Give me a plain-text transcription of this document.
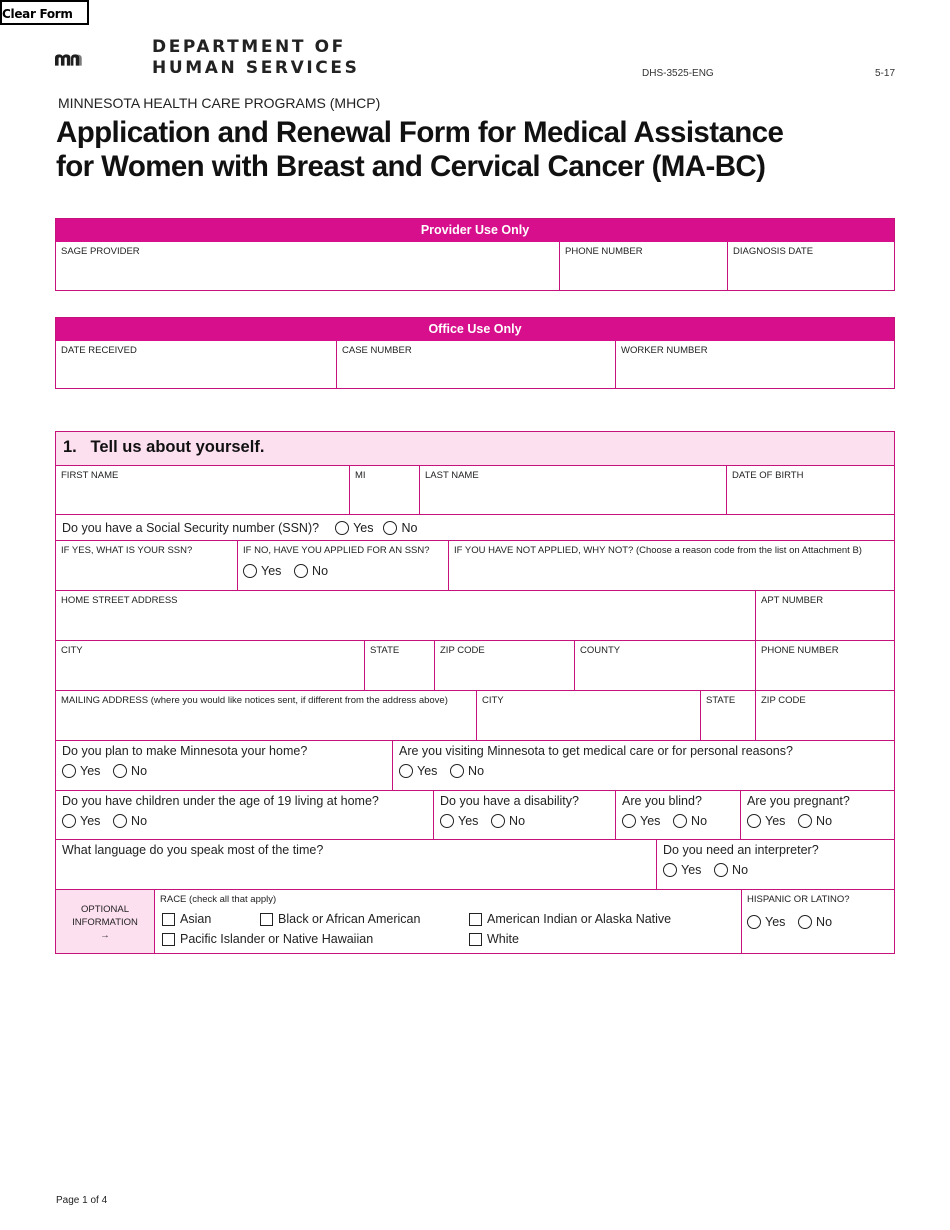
Clear Form
DEPARTMENT OF
HUMAN SERVICES	DHS-3525-ENG	5-17
MINNESOTA HEALTH CARE PROGRAMS (MHCP)
Application and Renewal Form for Medical Assistance
for Women with Breast and Cervical Cancer (MA-BC)
Provider Use Only
SAGE PROVIDER	PHONE NUMBER	DIAGNOSIS DATE
Office Use Only
DATE RECEIVED	CASE NUMBER	WORKER NUMBER
1.   Tell us about yourself.
FIRST NAME	MI	LAST NAME	DATE OF BIRTH
Do you have a Social Security number (SSN)?	Yes No
IF YES, WHAT IS YOUR SSN?	IF NO, HAVE YOU APPLIED FOR AN SSN?
Yes
No
IF YOU HAVE NOT APPLIED, WHY NOT? (Choose a reason code from the list on Attachment B)
HOME STREET ADDRESS	APT NUMBER
CITY	STATE	ZIP CODE	COUNTY	PHONE NUMBER
MAILING ADDRESS (where you would like notices sent, if different from the address above)	CITY	STATE	ZIP CODE
Do you plan to make Minnesota your home?
Yes
No
Are you visiting Minnesota to get medical care or for personal reasons?
Yes
No
Do you have children under the age of 19 living at home?
Yes
No
Do you have a disability?
Yes
No
Are you blind?
Yes
No
Are you pregnant?
Yes
No
What language do you speak most of the time?	Do you need an interpreter?
Yes
No
OPTIONAL INFORMATION
→
RACE (check all that apply)
Asian	Black or African American	American Indian or Alaska Native
Pacific Islander or Native Hawaiian	White
HISPANIC OR LATINO?
Yes
No
Page 1 of 4
